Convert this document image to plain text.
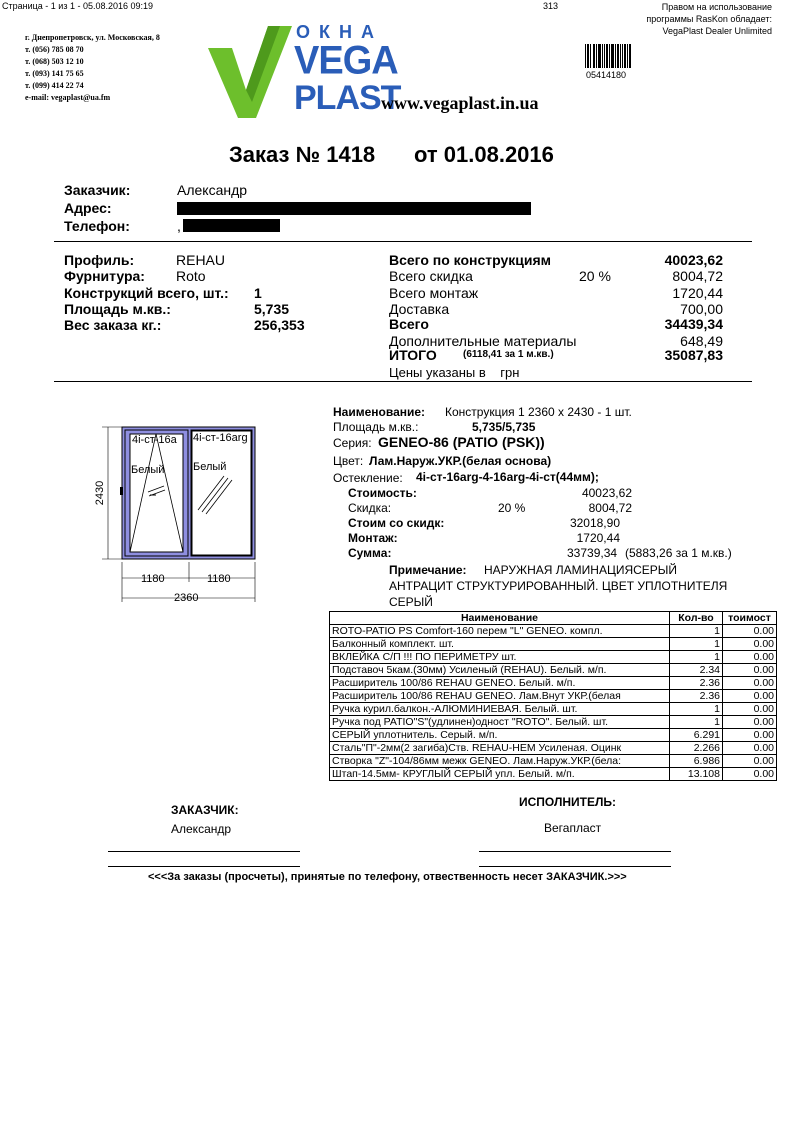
Страница - 1 из 1 - 05.08.2016 09:19	313	Правом на использование
программы RasKon обладает:
VegaPlast Dealer Unlimited
05414180
г. Днепропетровск, ул. Московская, 8
т. (056) 785 08 70
т. (068) 503 12 10
т. (093) 141 75 65
т. (099) 414 22 74
e-mail: vegaplast@ua.fm
ОКНА
VEGA
PLAST
www.vegaplast.in.ua
Заказ № 1418 от 01.08.2016
Заказчик:	Александр
Адрес:
Телефон:	,
Профиль:	REHAU
Фурнитура: Roto
Конструкций всего, шт.: 1
Площадь м.кв.:	5,735
Вес заказа кг.:	256,353
Всего по конструкциям	40023,62
Всего скидка	20 %	8004,72
Всего монтаж	1720,44
Доставка	700,00
Всего	34439,34
Дополнительные материалы	648,49
ИТОГО	(6118,41 за 1 м.кв.)	35087,83
Цены указаны в    грн
4i-ст-16a 4i-ст-16arg
Белый	Белый
2430
1180	1180
2360
Наименование: Конструкция 1 2360 x 2430 - 1 шт.
Площадь м.кв.:	5,735/5,735
Серия: GENEO-86 (PATIO (PSK))
Цвет: Лам.Наруж.УКР.(белая основа)
Остекление: 4i-ст-16arg-4-16arg-4i-ст(44мм);
Стоимость:	40023,62
Скидка:	20 %	8004,72
Стоим со скидк:	32018,90
Монтаж:	1720,44
Сумма:	33739,34 (5883,26 за 1 м.кв.)
Примечание: НАРУЖНАЯ ЛАМИНАЦИЯСЕРЫЙ
АНТРАЦИТ СТРУКТУРИРОВАННЫЙ. ЦВЕТ УПЛОТНИТЕЛЯ
СЕРЫЙ
Наименование	Кол-во	тоимост
ROTO-PATIO PS Comfort-160 перем "L" GENEO. компл.	1	0.00
Балконный комплект. шт.	1	0.00
ВКЛЕЙКА С/П !!! ПО ПЕРИМЕТРУ шт.	1	0.00
Подставоч 5кам.(30мм) Усиленый (REHAU). Белый. м/п.	2.34	0.00
Расширитель 100/86 REHAU GENEO. Белый. м/п.	2.36	0.00
Расширитель 100/86 REHAU GENEO. Лам.Внут УКР.(белая	2.36	0.00
Ручка курил.балкон.-АЛЮМИНИЕВАЯ. Белый. шт.	1	0.00
Ручка под PATIO"S"(удлинен)одност "ROTO". Белый. шт.	1	0.00
СЕРЫЙ уплотнитель. Серый. м/п.	6.291	0.00
Сталь"П"-2мм(2 загиба)Ств. REHAU-НЕМ Усиленая. Оцинк	2.266	0.00
Створка "Z"-104/86мм межк GENEO. Лам.Наруж.УКР.(бела:	6.986	0.00
Штап-14.5мм- КРУГЛЫЙ СЕРЫЙ упл. Белый. м/п.	13.108	0.00
ЗАКАЗЧИК:
Александр
ИСПОЛНИТЕЛЬ:
Вегапласт
<<<За заказы (просчеты), принятые по телефону, отвественность несет ЗАКАЗЧИК.>>>
